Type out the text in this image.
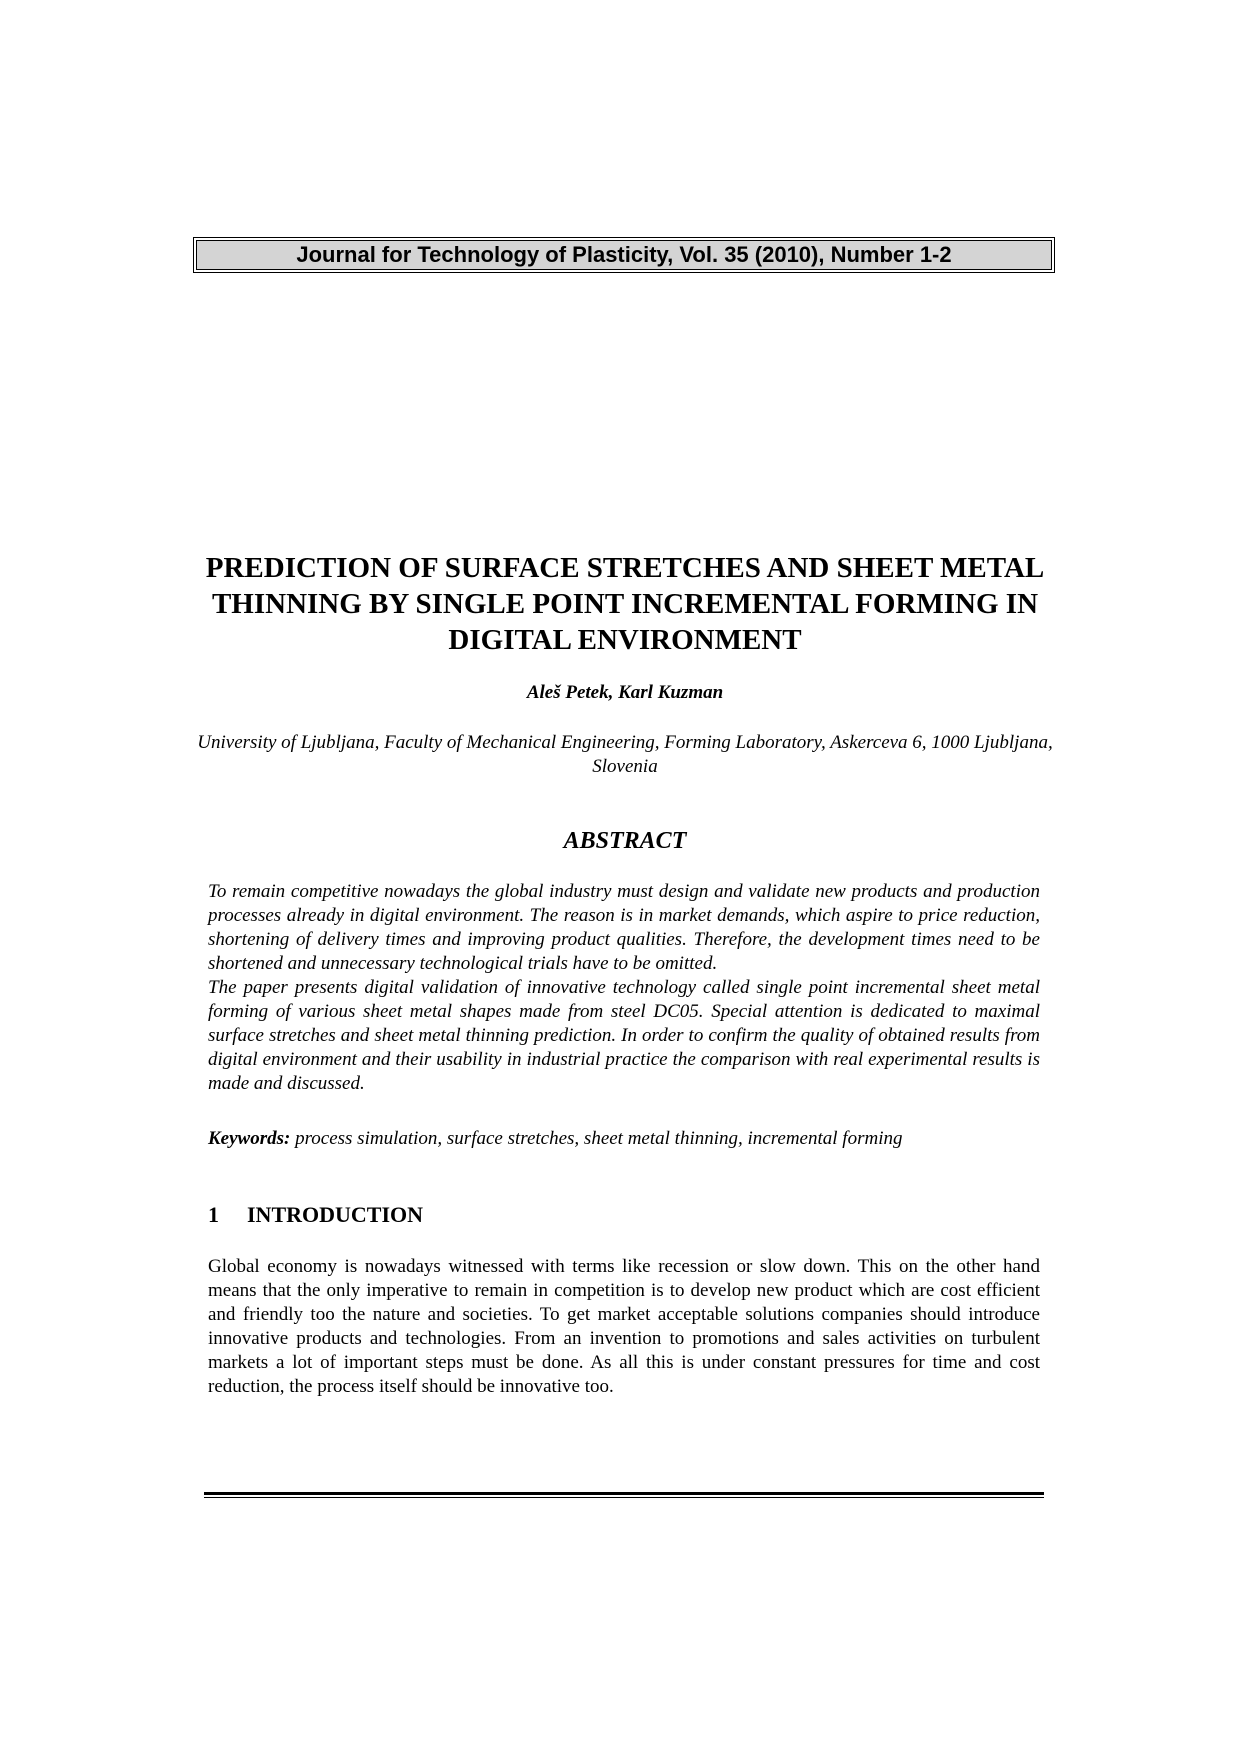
Journal for Technology of Plasticity, Vol. 35 (2010), Number 1-2
PREDICTION OF SURFACE STRETCHES AND SHEET METAL THINNING BY SINGLE POINT INCREMENTAL FORMING IN DIGITAL ENVIRONMENT
Aleš Petek, Karl Kuzman
University of Ljubljana, Faculty of Mechanical Engineering, Forming Laboratory, Askerceva 6, 1000 Ljubljana, Slovenia
ABSTRACT

To remain competitive nowadays the global industry must design and validate new products and production processes already in digital environment. The reason is in market demands, which aspire to price reduction, shortening of delivery times and improving product qualities. Therefore, the development times need to be shortened and unnecessary technological trials have to be omitted.

The paper presents digital validation of innovative technology called single point incremental sheet metal forming of various sheet metal shapes made from steel DC05. Special attention is dedicated to maximal surface stretches and sheet metal thinning prediction. In order to confirm the quality of obtained results from digital environment and their usability in industrial practice the comparison with real experimental results is made and discussed.

Keywords: process simulation, surface stretches, sheet metal thinning, incremental forming
1 INTRODUCTION

Global economy is nowadays witnessed with terms like recession or slow down. This on the other hand means that the only imperative to remain in competition is to develop new product which are cost efficient and friendly too the nature and societies. To get market acceptable solutions companies should introduce innovative products and technologies. From an invention to promotions and sales activities on turbulent markets a lot of important steps must be done. As all this is under constant pressures for time and cost reduction, the process itself should be innovative too.
